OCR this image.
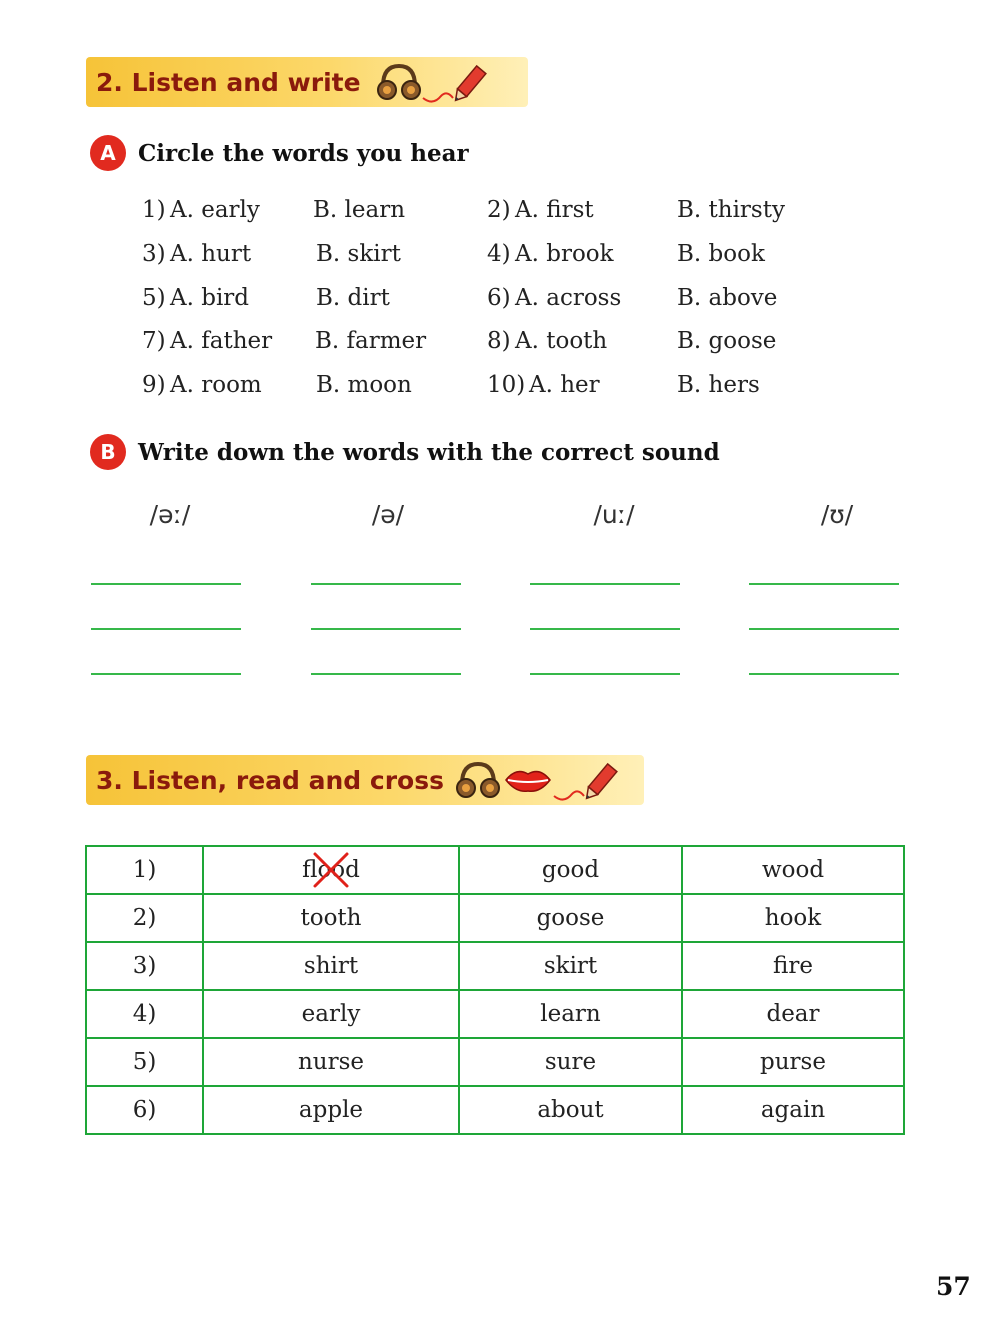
2. Listen and write
A Circle the words you hear
1) A. early B. learn	2) A. first	B. thirsty
3) A. hurt	B. skirt	4) A. brook	B. book
5) A. bird	B. dirt	6) A. across B. above
7) A. father B. farmer	8) A. tooth	B. goose
9) A. room B. moon	10) A. her	B. hers
B Write down the words with the correct sound
/əː/	/ə/	/uː/	/ʊ/
3. Listen, read and cross
1)	flood	good	wood
2)	tooth	goose	hook
3)	shirt	skirt	fire
4)	early	learn	dear
5)	nurse	sure	purse
6)	apple	about	again
57
